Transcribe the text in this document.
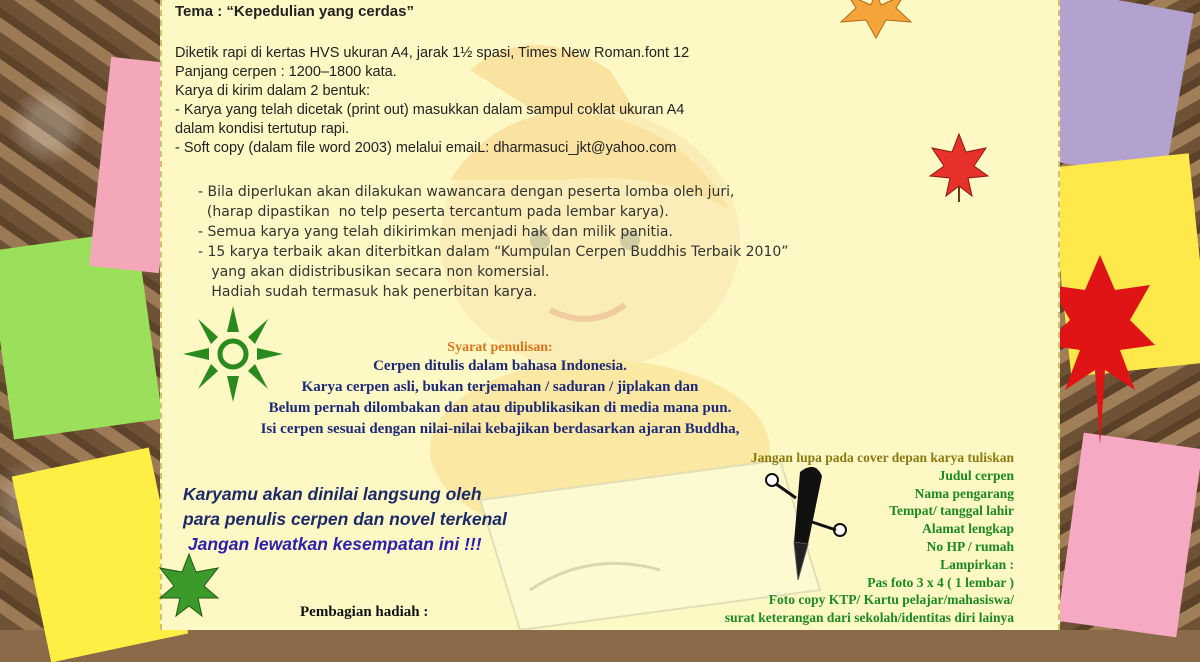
Tema : “Kepedulian yang cerdas”
Diketik rapi di kertas HVS ukuran A4, jarak 1½ spasi, Times New Roman.font 12
Panjang cerpen : 1200–1800 kata.
Karya di kirim dalam 2 bentuk:
- Karya yang telah dicetak (print out) masukkan dalam sampul coklat ukuran A4
dalam kondisi tertutup rapi.
- Soft copy (dalam file word 2003) melalui emaiL: dharmasuci_jkt@yahoo.com
- Bila diperlukan akan dilakukan wawancara dengan peserta lomba oleh juri,
(harap dipastikan  no telp peserta tercantum pada lembar karya).
- Semua karya yang telah dikirimkan menjadi hak dan milik panitia.
- 15 karya terbaik akan diterbitkan dalam “Kumpulan Cerpen Buddhis Terbaik 2010”
yang akan didistribusikan secara non komersial.
Hadiah sudah termasuk hak penerbitan karya.
Syarat penulisan:
Cerpen ditulis dalam bahasa Indonesia.
Karya cerpen asli, bukan terjemahan / saduran / jiplakan dan
Belum pernah dilombakan dan atau dipublikasikan di media mana pun.
Isi cerpen sesuai dengan nilai-nilai kebajikan berdasarkan ajaran Buddha,
Karyamu akan dinilai langsung oleh
para penulis cerpen dan novel terkenal
Jangan lewatkan kesempatan ini !!!
Jangan lupa pada cover depan karya tuliskan
Judul cerpen
Nama pengarang
Tempat/ tanggal lahir
Alamat lengkap
No HP / rumah
Lampirkan :
Pas foto 3 x 4 ( 1 lembar )
Foto copy KTP/ Kartu pelajar/mahasiswa/
surat keterangan dari sekolah/identitas diri lainya
Pembagian hadiah :
